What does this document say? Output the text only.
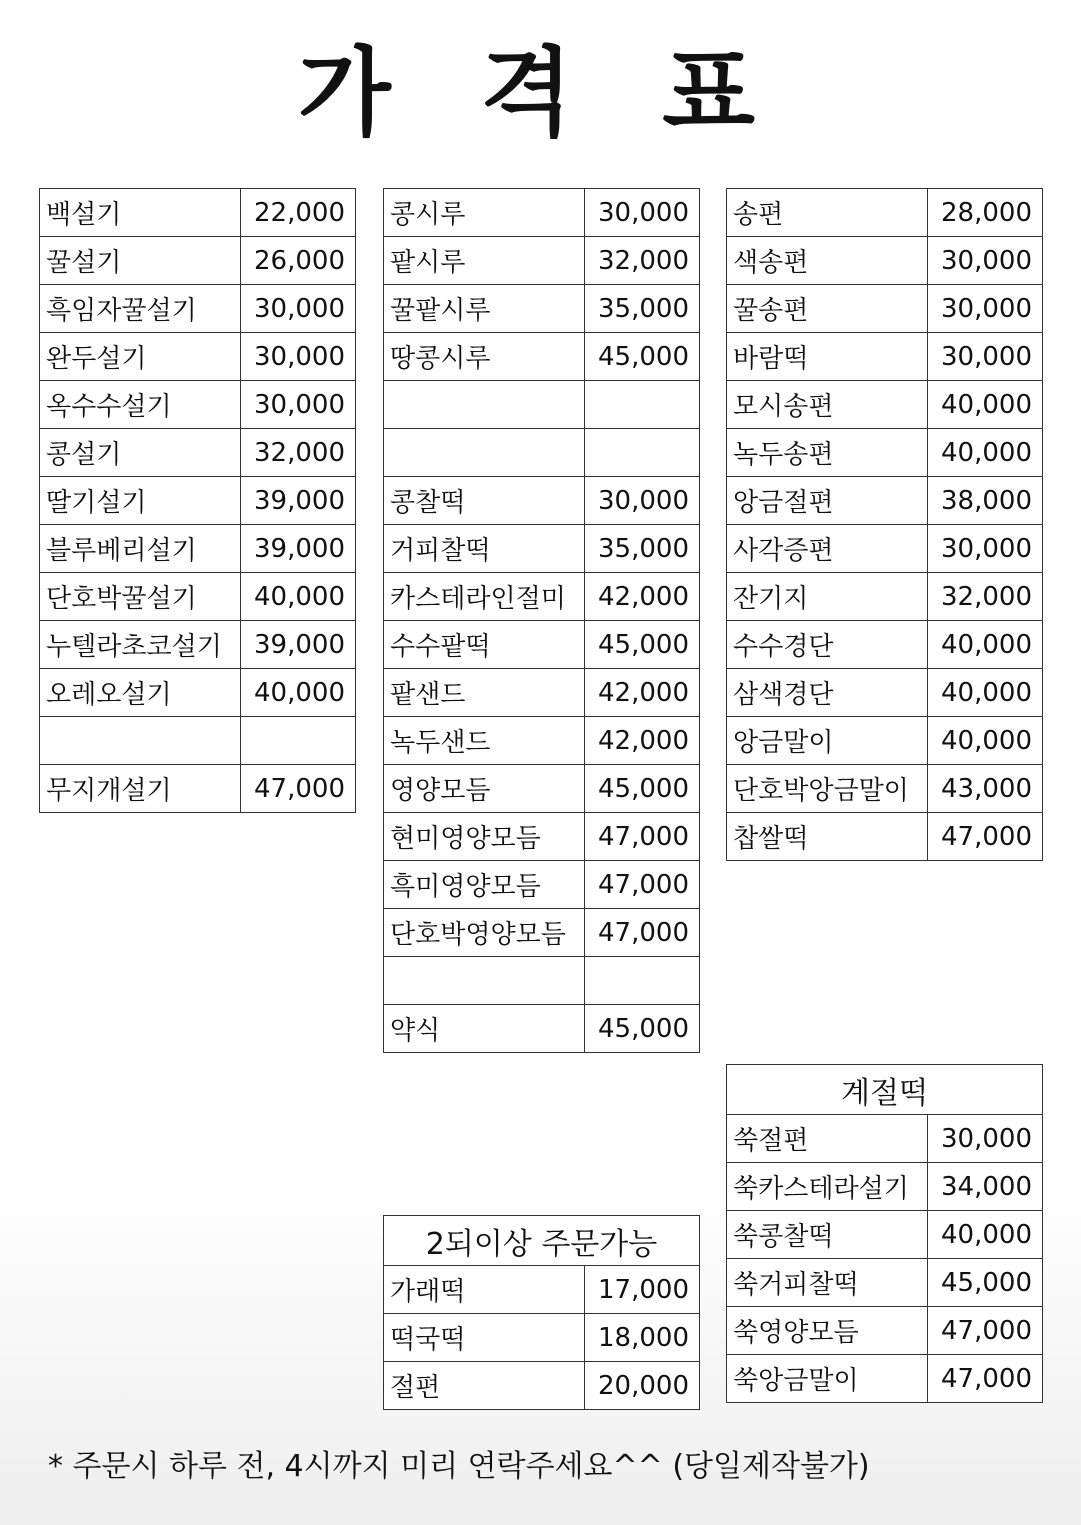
가 격 표
백설기	22,000
꿀설기	26,000
흑임자꿀설기	30,000
완두설기	30,000
옥수수설기	30,000
콩설기	32,000
딸기설기	39,000
블루베리설기	39,000
단호박꿀설기	40,000
누텔라초코설기	39,000
오레오설기	40,000

무지개설기	47,000
콩시루	30,000
팥시루	32,000
꿀팥시루	35,000
땅콩시루	45,000

콩찰떡	30,000
거피찰떡	35,000
카스테라인절미	42,000
수수팥떡	45,000
팥샌드	42,000
녹두샌드	42,000
영양모듬	45,000
현미영양모듬	47,000
흑미영양모듬	47,000
단호박영양모듬	47,000

약식	45,000
송편	28,000
색송편	30,000
꿀송편	30,000
바람떡	30,000
모시송편	40,000
녹두송편	40,000
앙금절편	38,000
사각증편	30,000
잔기지	32,000
수수경단	40,000
삼색경단	40,000
앙금말이	40,000
단호박앙금말이	43,000
찹쌀떡	47,000
2되이상 주문가능	
가래떡	17,000
떡국떡	18,000
절편	20,000
계절떡	
쑥절편	30,000
쑥카스테라설기	34,000
쑥콩찰떡	40,000
쑥거피찰떡	45,000
쑥영양모듬	47,000
쑥앙금말이	47,000
* 주문시 하루 전, 4시까지 미리 연락주세요^^ (당일제작불가)
